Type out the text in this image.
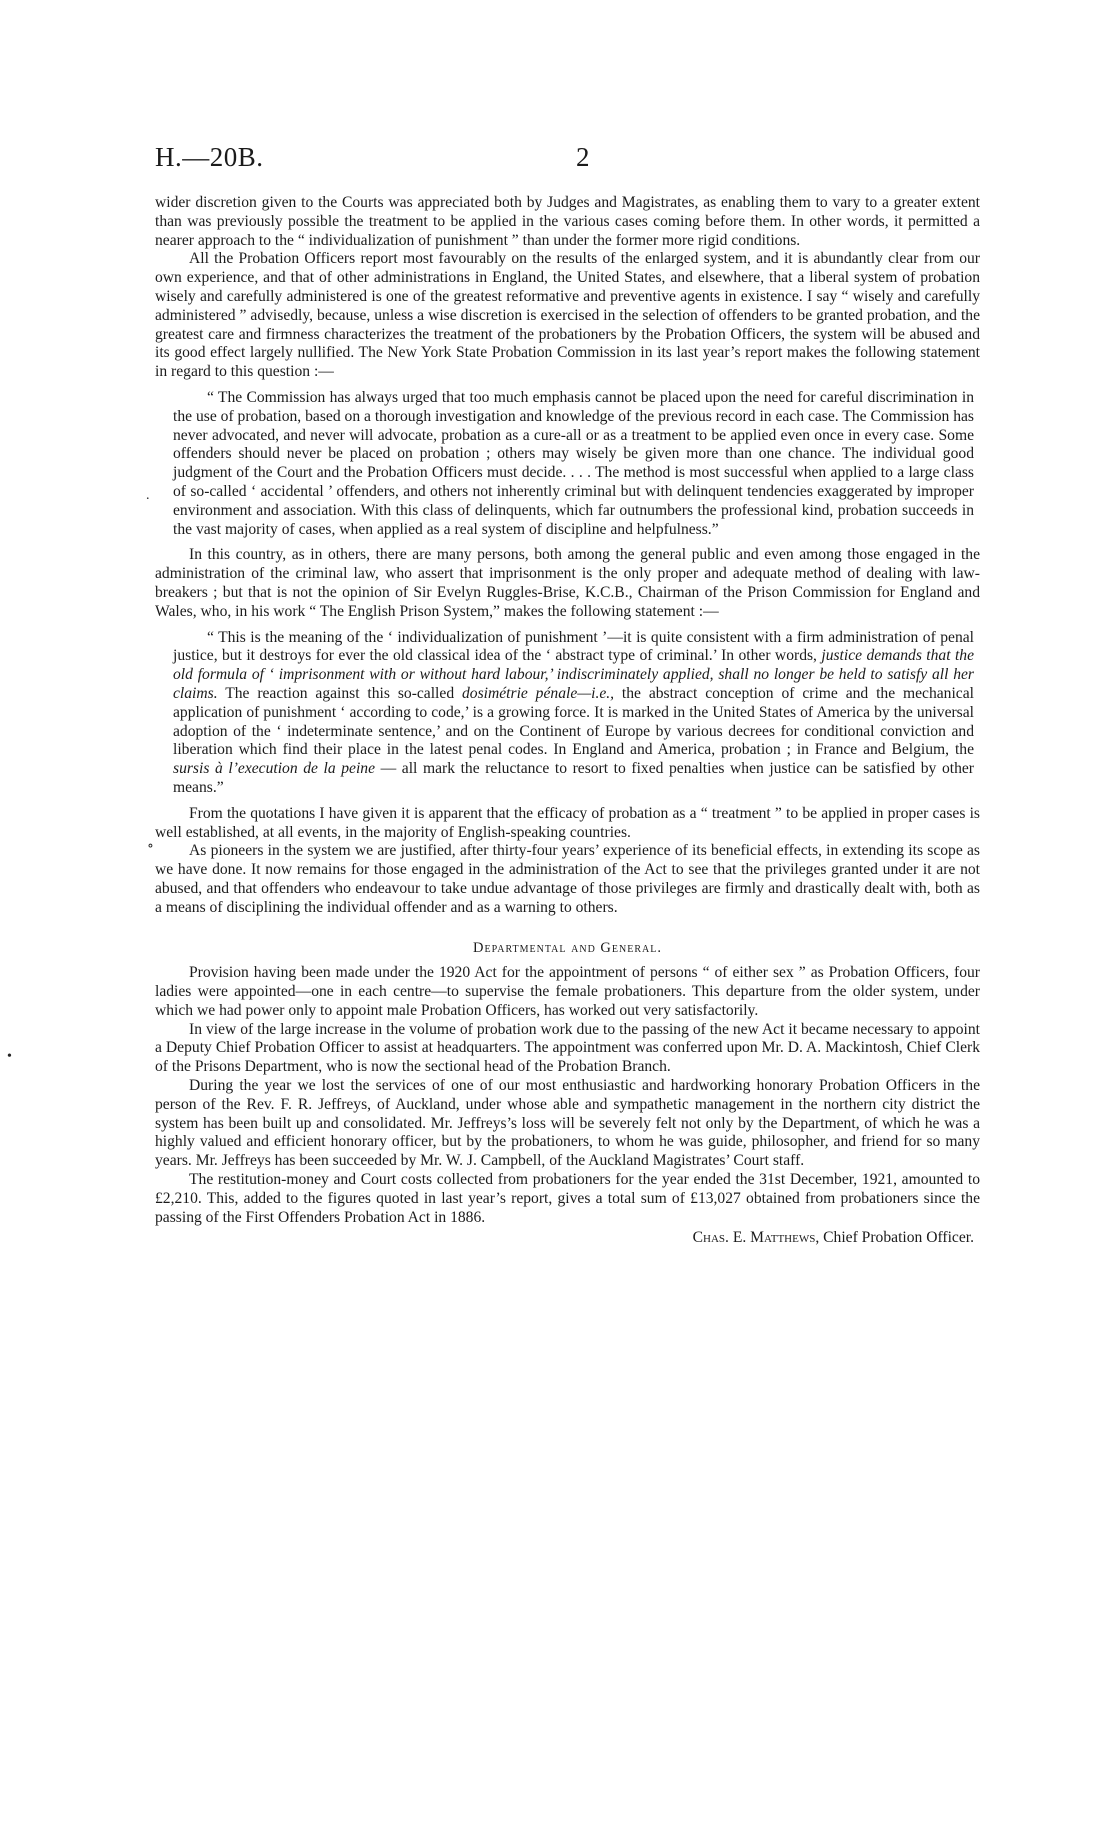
H.—20B.	2
.
∘
•

wider discretion given to the Courts was appreciated both by Judges and Magistrates, as enabling them to vary to a greater extent than was previously possible the treatment to be applied in the various cases coming before them. In other words, it permitted a nearer approach to the “ individualization of punishment ” than under the former more rigid conditions.

All the Probation Officers report most favourably on the results of the enlarged system, and it is abundantly clear from our own experience, and that of other administrations in England, the United States, and elsewhere, that a liberal system of probation wisely and carefully administered is one of the greatest reformative and preventive agents in existence. I say “ wisely and carefully administered ” advisedly, because, unless a wise discretion is exercised in the selection of offenders to be granted probation, and the greatest care and firmness characterizes the treatment of the probationers by the Probation Officers, the system will be abused and its good effect largely nullified. The New York State Probation Commission in its last year’s report makes the following statement in regard to this question :—

“ The Commission has always urged that too much emphasis cannot be placed upon the need for careful discrimination in the use of probation, based on a thorough investigation and knowledge of the previous record in each case. The Commission has never advocated, and never will advocate, probation as a cure-all or as a treatment to be applied even once in every case. Some offenders should never be placed on probation ; others may wisely be given more than one chance. The individual good judgment of the Court and the Probation Officers must decide. . . . The method is most successful when applied to a large class of so-called ‘ accidental ’ offenders, and others not inherently criminal but with delinquent tendencies exaggerated by improper environment and association. With this class of delinquents, which far outnumbers the professional kind, probation succeeds in the vast majority of cases, when applied as a real system of discipline and helpfulness.”

In this country, as in others, there are many persons, both among the general public and even among those engaged in the administration of the criminal law, who assert that imprisonment is the only proper and adequate method of dealing with law-breakers ; but that is not the opinion of Sir Evelyn Ruggles-Brise, K.C.B., Chairman of the Prison Commission for England and Wales, who, in his work “ The English Prison System,” makes the following statement :—

“ This is the meaning of the ‘ individualization of punishment ’—it is quite consistent with a firm administration of penal justice, but it destroys for ever the old classical idea of the ‘ abstract type of criminal.’ In other words, justice demands that the old formula of ‘ imprisonment with or without hard labour,’ indiscriminately applied, shall no longer be held to satisfy all her claims. The reaction against this so-called dosimétrie pénale—i.e., the abstract conception of crime and the mechanical application of punishment ‘ according to code,’ is a growing force. It is marked in the United States of America by the universal adoption of the ‘ indeterminate sentence,’ and on the Continent of Europe by various decrees for conditional conviction and liberation which find their place in the latest penal codes. In England and America, probation ; in France and Belgium, the sursis à l’execution de la peine — all mark the reluctance to resort to fixed penalties when justice can be satisfied by other means.”

From the quotations I have given it is apparent that the efficacy of probation as a “ treatment ” to be applied in proper cases is well established, at all events, in the majority of English-speaking countries.

As pioneers in the system we are justified, after thirty-four years’ experience of its beneficial effects, in extending its scope as we have done. It now remains for those engaged in the administration of the Act to see that the privileges granted under it are not abused, and that offenders who endeavour to take undue advantage of those privileges are firmly and drastically dealt with, both as a means of disciplining the individual offender and as a warning to others.

Departmental and General.

Provision having been made under the 1920 Act for the appointment of persons “ of either sex ” as Probation Officers, four ladies were appointed—one in each centre—to supervise the female probationers. This departure from the older system, under which we had power only to appoint male Probation Officers, has worked out very satisfactorily.

In view of the large increase in the volume of probation work due to the passing of the new Act it became necessary to appoint a Deputy Chief Probation Officer to assist at headquarters. The appointment was conferred upon Mr. D. A. Mackintosh, Chief Clerk of the Prisons Department, who is now the sectional head of the Probation Branch.

During the year we lost the services of one of our most enthusiastic and hardworking honorary Probation Officers in the person of the Rev. F. R. Jeffreys, of Auckland, under whose able and sympathetic management in the northern city district the system has been built up and consolidated. Mr. Jeffreys’s loss will be severely felt not only by the Department, of which he was a highly valued and efficient honorary officer, but by the probationers, to whom he was guide, philosopher, and friend for so many years. Mr. Jeffreys has been succeeded by Mr. W. J. Campbell, of the Auckland Magistrates’ Court staff.

The restitution-money and Court costs collected from probationers for the year ended the 31st December, 1921, amounted to £2,210. This, added to the figures quoted in last year’s report, gives a total sum of £13,027 obtained from probationers since the passing of the First Offenders Probation Act in 1886.

Chas. E. Matthews, Chief Probation Officer.
